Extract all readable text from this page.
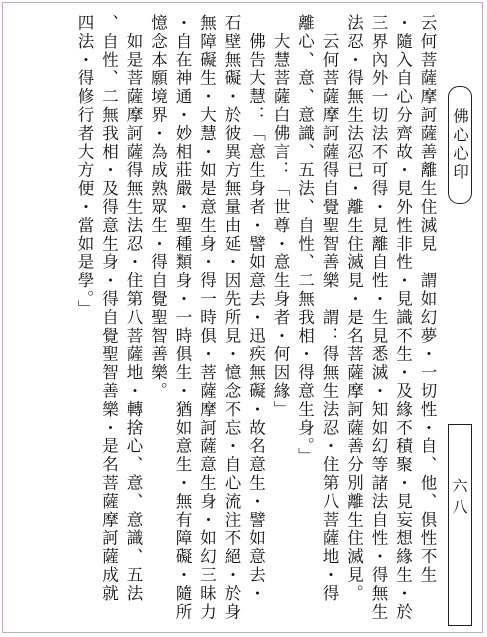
云何菩薩摩訶薩善離生住滅見　謂如幻夢・一切性・自、他、俱性不生

・隨入自心分齊故・見外性非性・見識不生・及緣不積聚・見妄想緣生・於

三界內外一切法不可得・見離自性・生見悉滅・知如幻等諸法自性・得無生

法忍・得無生法忍已・離生住滅見・是名菩薩摩訶薩善分別離生住滅見。

　云何菩薩摩訶薩得自覺聖智善樂　謂：得無生法忍・住第八菩薩地・得

離心、意、意識、五法、自性、二無我相・得意生身。」

　大慧菩薩白佛言：「世尊・意生身者・何因緣」

　佛告大慧：「意生身者・譬如意去・迅疾無礙・故名意生・譬如意去・

石壁無礙・於彼異方無量由延・因先所見・憶念不忘・自心流注不絕・於身

無障礙生・大慧・如是意生身・得一時俱・菩薩摩訶薩意生身・如幻三昧力

・自在神通・妙相莊嚴・聖種類身・一時俱生・猶如意生・無有障礙・隨所

憶念本願境界・為成熟眾生・得自覺聖智善樂。

　如是菩薩摩訶薩得無生法忍・住第八菩薩地・轉捨心、意、意識、五法

、自性、二無我相・及得意生身・得自覺聖智善樂・是名菩薩摩訶薩成就

四法・得修行者大方便・當如是學。」	佛心心印
六八
